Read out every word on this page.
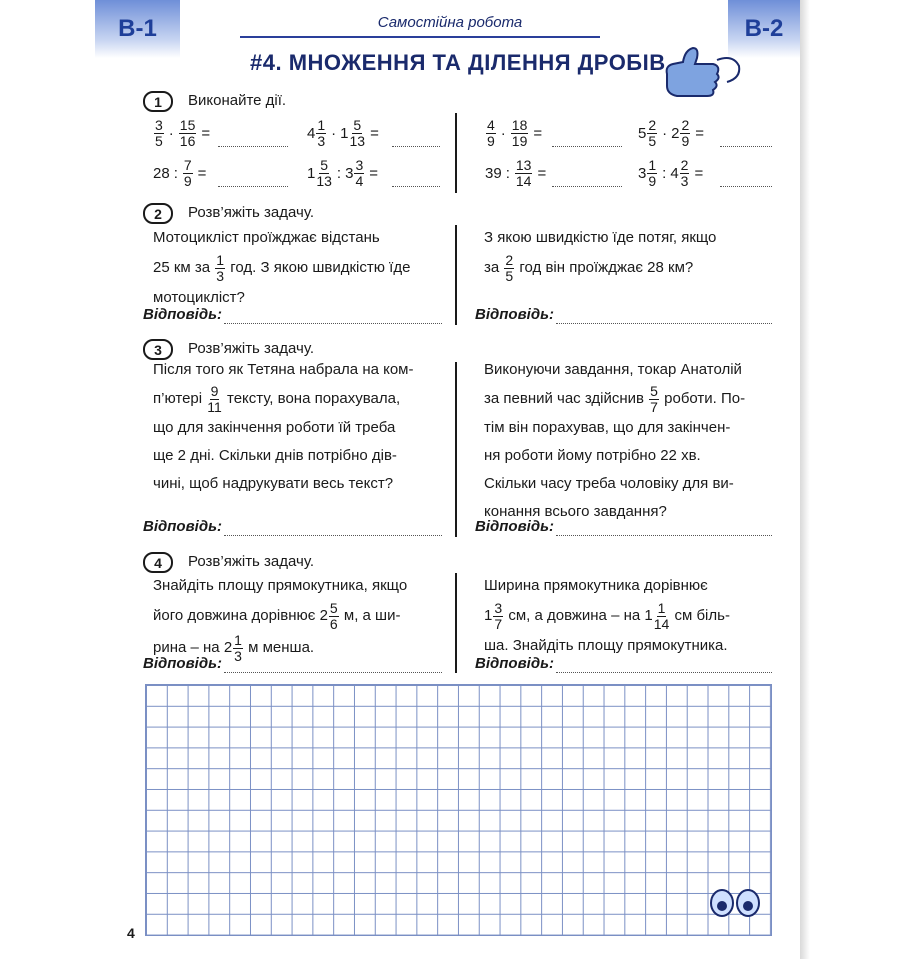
В-1	В-2
Самостійна робота
#4. МНОЖЕННЯ ТА ДІЛЕННЯ ДРОБІВ
1	Виконайте дії.
$\frac{3}{5} \cdot \frac{15}{16}$ =	$4 \frac{1}{3} \cdot 1 \frac{5}{13}$ =
28 : $\frac{7}{9}$ =	$1 \frac{5}{13}$ : $3 \frac{3}{4}$ =
$\frac{4}{9} \cdot \frac{18}{19}$ =	$5 \frac{2}{5} \cdot 2 \frac{2}{9}$ =
39 : $\frac{13}{14}$ =	$3 \frac{1}{9}$ : $4 \frac{2}{3}$ =
2	Розв’яжіть задачу.
Мотоцикліст проїжджає відстань
25 км за
$\frac{1}{3}$
год. З якою швидкістю їде
мотоцикліст?
З якою швидкістю їде потяг, якщо
за
$\frac{2}{5}$
год він проїжджає 28 км?
Відповідь:	Відповідь:
3	Розв’яжіть задачу.
Після того як Тетяна набрала на ком-
п’ютері
$\frac{9}{11}$
тексту, вона порахувала,
що для закінчення роботи їй треба
ще 2 дні. Скільки днів потрібно дів-
чині, щоб надрукувати весь текст?
Виконуючи завдання, токар Анатолій
за певний час здійснив
$\frac{5}{7}$
роботи. По-
тім він порахував, що для закінчен-
ня роботи йому потрібно 22 хв.
Скільки часу треба чоловіку для ви-
конання всього завдання?
Відповідь:	Відповідь:
4	Розв’яжіть задачу.
Знайдіть площу прямокутника, якщо
його довжина дорівнює
$2 \frac{5}{6}$
м, а ши-
рина – на
$2 \frac{1}{3}$
м менша.
Ширина прямокутника дорівнює
$1 \frac{3}{7}$
см, а довжина – на
$1 \frac{1}{14}$
см біль-
ша. Знайдіть площу прямокутника.
Відповідь:	Відповідь:
4
